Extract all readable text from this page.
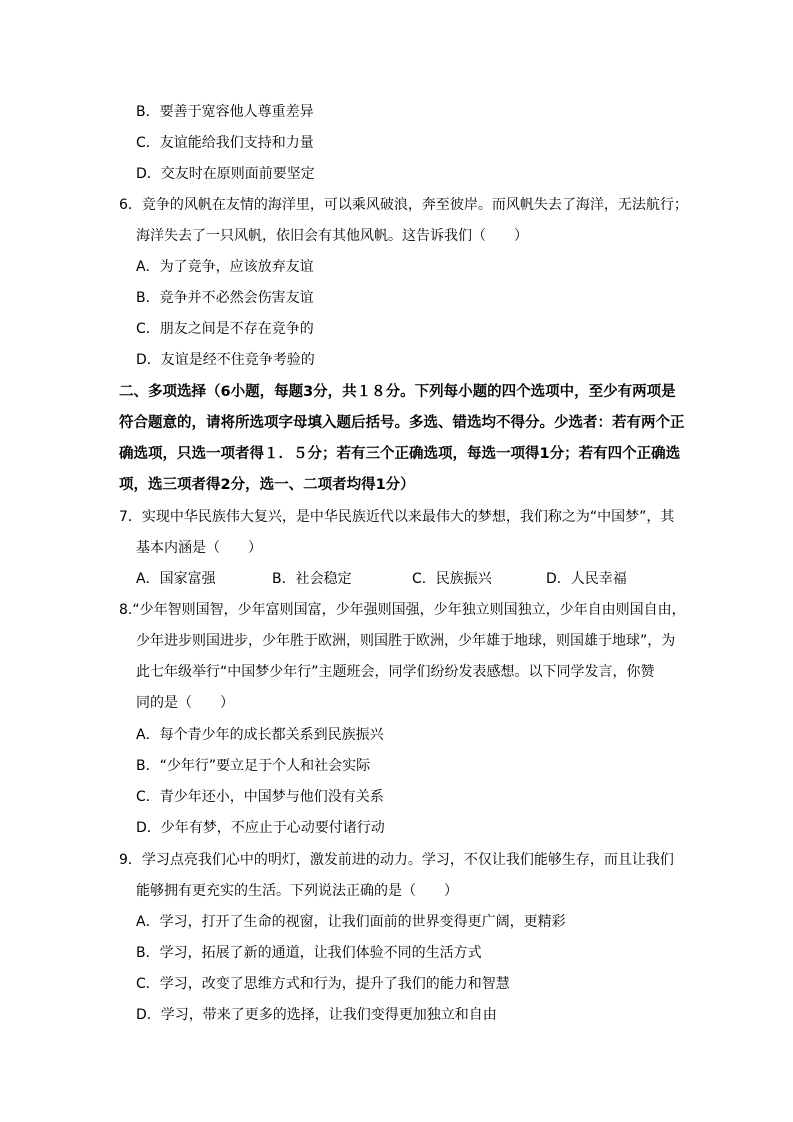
B．要善于宽容他人尊重差异
C．友谊能给我们支持和力量
D．交友时在原则面前要坚定
6．竞争的风帆在友情的海洋里，可以乘风破浪，奔至彼岸。而风帆失去了海洋，无法航行；
海洋失去了一只风帆，依旧会有其他风帆。这告诉我们（　　）
A．为了竞争，应该放弃友谊
B．竞争并不必然会伤害友谊
C．朋友之间是不存在竞争的
D．友谊是经不住竞争考验的
二、多项选择（6小题，每题3分，共１８分。下列每小题的四个选项中，至少有两项是
符合题意的，请将所选项字母填入题后括号。多选、错选均不得分。少选者：若有两个正
确选项，只选一项者得１．５分；若有三个正确选项，每选一项得1分；若有四个正确选
项，选三项者得2分，选一、二项者均得1分）
7．实现中华民族伟大复兴，是中华民族近代以来最伟大的梦想，我们称之为“中国梦”，其
基本内涵是（　　）
A．国家富强	B．社会稳定	C．民族振兴	D．人民幸福
8.“少年智则国智，少年富则国富，少年强则国强，少年独立则国独立，少年自由则国自由，
少年进步则国进步，少年胜于欧洲，则国胜于欧洲，少年雄于地球，则国雄于地球”，为
此七年级举行“中国梦少年行”主题班会，同学们纷纷发表感想。以下同学发言，你赞
同的是（　　）
A．每个青少年的成长都关系到民族振兴
B．“少年行”要立足于个人和社会实际
C．青少年还小，中国梦与他们没有关系
D．少年有梦，不应止于心动要付诸行动
9．学习点亮我们心中的明灯，激发前进的动力。学习，不仅让我们能够生存，而且让我们
能够拥有更充实的生活。下列说法正确的是（　　）
A．学习，打开了生命的视窗，让我们面前的世界变得更广阔，更精彩
B．学习，拓展了新的通道，让我们体验不同的生活方式
C．学习，改变了思维方式和行为，提升了我们的能力和智慧
D．学习，带来了更多的选择，让我们变得更加独立和自由
